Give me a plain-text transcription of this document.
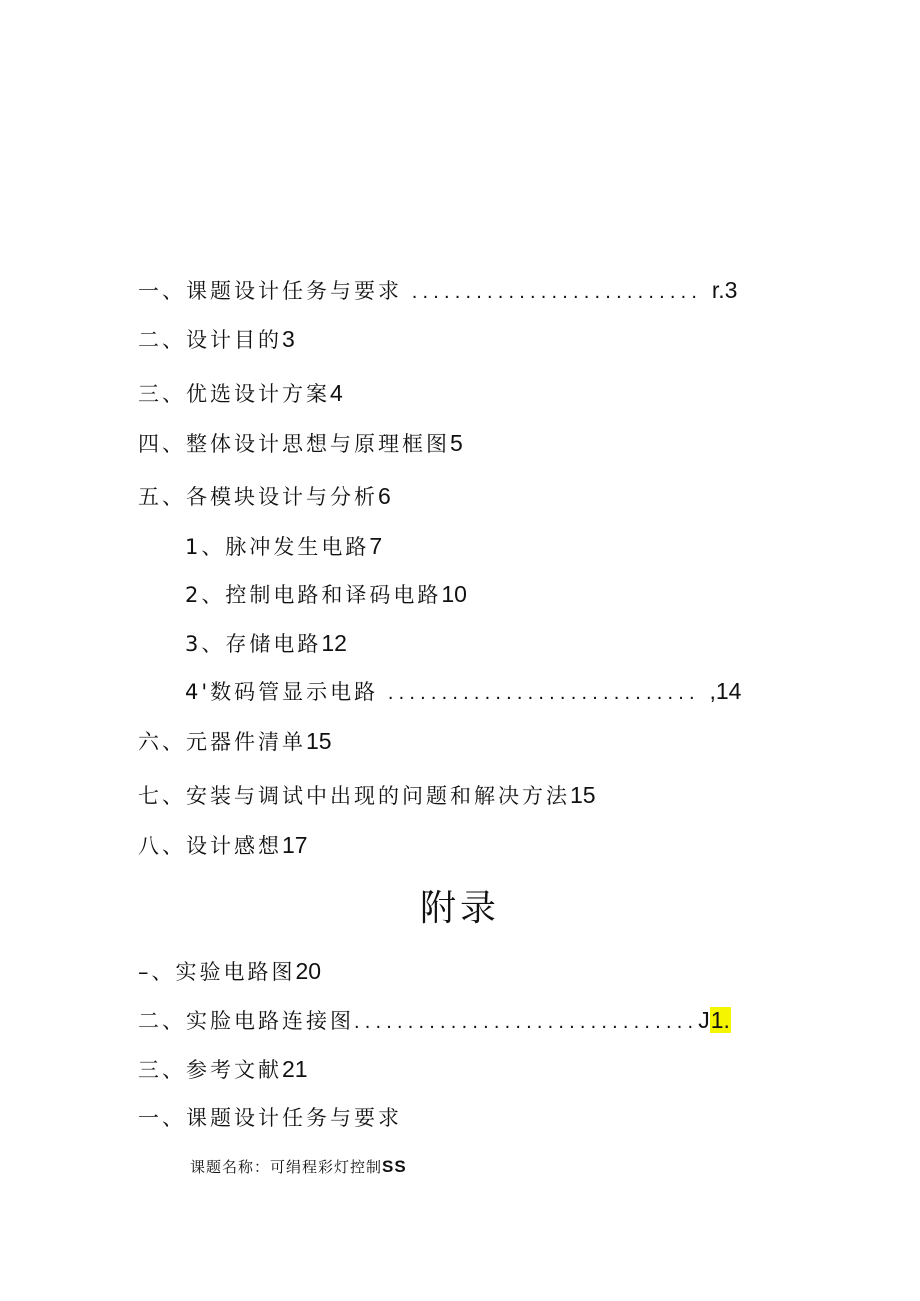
一、课题设计任务与要求 ........................... r.3
二、设计目的3
三、优选设计方案4
四、整体设计思想与原理框图5
五、各模块设计与分析6
1、脉冲发生电路7
2、控制电路和译码电路10
3、存储电路12
4'数码管显示电路 ............................. ,14
六、元器件清单15
七、安装与调试中出现的问题和解决方法15
八、设计感想17
附录
–、实验电路图20
二、实脸电路连接图................................J1.
三、参考文献21
一、课题设计任务与要求
课题名称：可绢程彩灯控制SS
